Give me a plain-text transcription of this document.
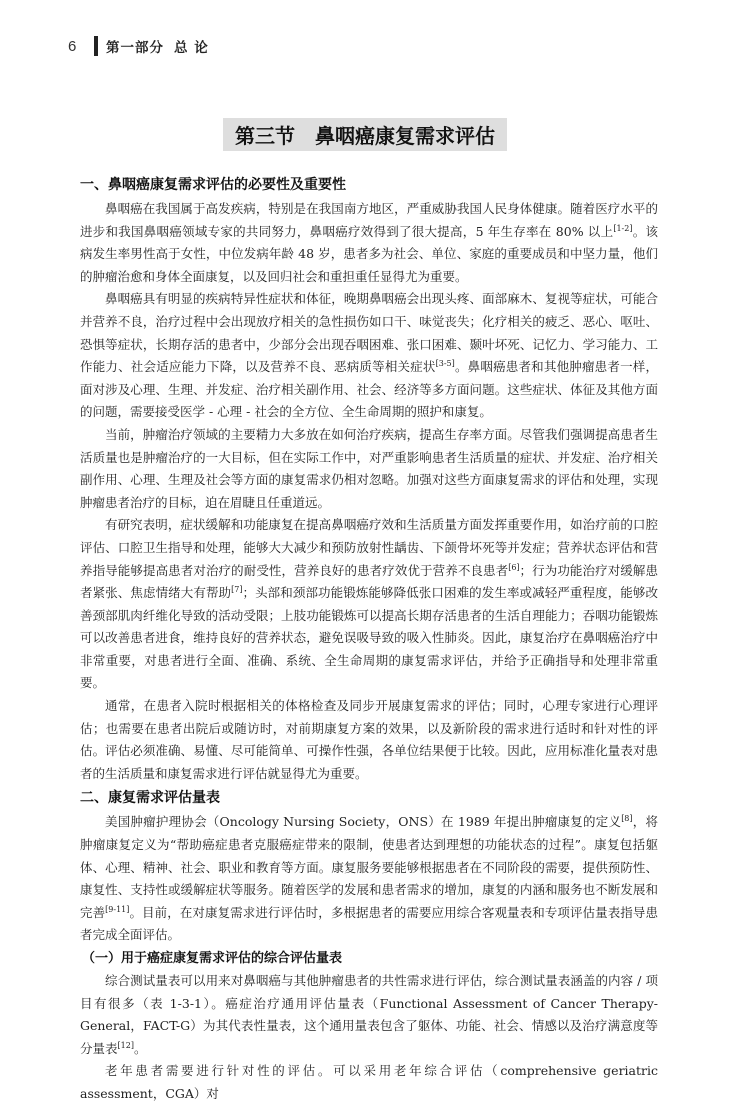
6	第一部分 总 论
第三节 鼻咽癌康复需求评估
一、鼻咽癌康复需求评估的必要性及重要性

鼻咽癌在我国属于高发疾病，特别是在我国南方地区，严重威胁我国人民身体健康。随着医疗水平的进步和我国鼻咽癌领域专家的共同努力，鼻咽癌疗效得到了很大提高，5 年生存率在 80% 以上[1-2]。该病发生率男性高于女性，中位发病年龄 48 岁，患者多为社会、单位、家庭的重要成员和中坚力量，他们的肿瘤治愈和身体全面康复，以及回归社会和重担重任显得尤为重要。

鼻咽癌具有明显的疾病特异性症状和体征，晚期鼻咽癌会出现头疼、面部麻木、复视等症状，可能合并营养不良，治疗过程中会出现放疗相关的急性损伤如口干、味觉丧失；化疗相关的疲乏、恶心、呕吐、恐惧等症状，长期存活的患者中，少部分会出现吞咽困难、张口困难、颞叶坏死、记忆力、学习能力、工作能力、社会适应能力下降，以及营养不良、恶病质等相关症状[3-5]。鼻咽癌患者和其他肿瘤患者一样，面对涉及心理、生理、并发症、治疗相关副作用、社会、经济等多方面问题。这些症状、体征及其他方面的问题，需要接受医学 - 心理 - 社会的全方位、全生命周期的照护和康复。

当前，肿瘤治疗领域的主要精力大多放在如何治疗疾病，提高生存率方面。尽管我们强调提高患者生活质量也是肿瘤治疗的一大目标，但在实际工作中，对严重影响患者生活质量的症状、并发症、治疗相关副作用、心理、生理及社会等方面的康复需求仍相对忽略。加强对这些方面康复需求的评估和处理，实现肿瘤患者治疗的目标，迫在眉睫且任重道远。

有研究表明，症状缓解和功能康复在提高鼻咽癌疗效和生活质量方面发挥重要作用，如治疗前的口腔评估、口腔卫生指导和处理，能够大大减少和预防放射性龋齿、下颌骨坏死等并发症；营养状态评估和营养指导能够提高患者对治疗的耐受性，营养良好的患者疗效优于营养不良患者[6]；行为功能治疗对缓解患者紧张、焦虑情绪大有帮助[7]；头部和颈部功能锻炼能够降低张口困难的发生率或减轻严重程度，能够改善颈部肌肉纤维化导致的活动受限；上肢功能锻炼可以提高长期存活患者的生活自理能力；吞咽功能锻炼可以改善患者进食，维持良好的营养状态，避免误吸导致的吸入性肺炎。因此，康复治疗在鼻咽癌治疗中非常重要，对患者进行全面、准确、系统、全生命周期的康复需求评估，并给予正确指导和处理非常重要。

通常，在患者入院时根据相关的体格检查及同步开展康复需求的评估；同时，心理专家进行心理评估；也需要在患者出院后或随访时，对前期康复方案的效果，以及新阶段的需求进行适时和针对性的评估。评估必须准确、易懂、尽可能简单、可操作性强，各单位结果便于比较。因此，应用标准化量表对患者的生活质量和康复需求进行评估就显得尤为重要。

二、康复需求评估量表

美国肿瘤护理协会（Oncology Nursing Society，ONS）在 1989 年提出肿瘤康复的定义[8]，将肿瘤康复定义为“帮助癌症患者克服癌症带来的限制，使患者达到理想的功能状态的过程”。康复包括躯体、心理、精神、社会、职业和教育等方面。康复服务要能够根据患者在不同阶段的需要，提供预防性、康复性、支持性或缓解症状等服务。随着医学的发展和患者需求的增加，康复的内涵和服务也不断发展和完善[9-11]。目前，在对康复需求进行评估时，多根据患者的需要应用综合客观量表和专项评估量表指导患者完成全面评估。

（一）用于癌症康复需求评估的综合评估量表

综合测试量表可以用来对鼻咽癌与其他肿瘤患者的共性需求进行评估，综合测试量表涵盖的内容 / 项目有很多（表 1-3-1）。癌症治疗通用评估量表（Functional Assessment of Cancer Therapy-General，FACT-G）为其代表性量表，这个通用量表包含了躯体、功能、社会、情感以及治疗满意度等分量表[12]。

老年患者需要进行针对性的评估。可以采用老年综合评估（comprehensive geriatric assessment，CGA）对
